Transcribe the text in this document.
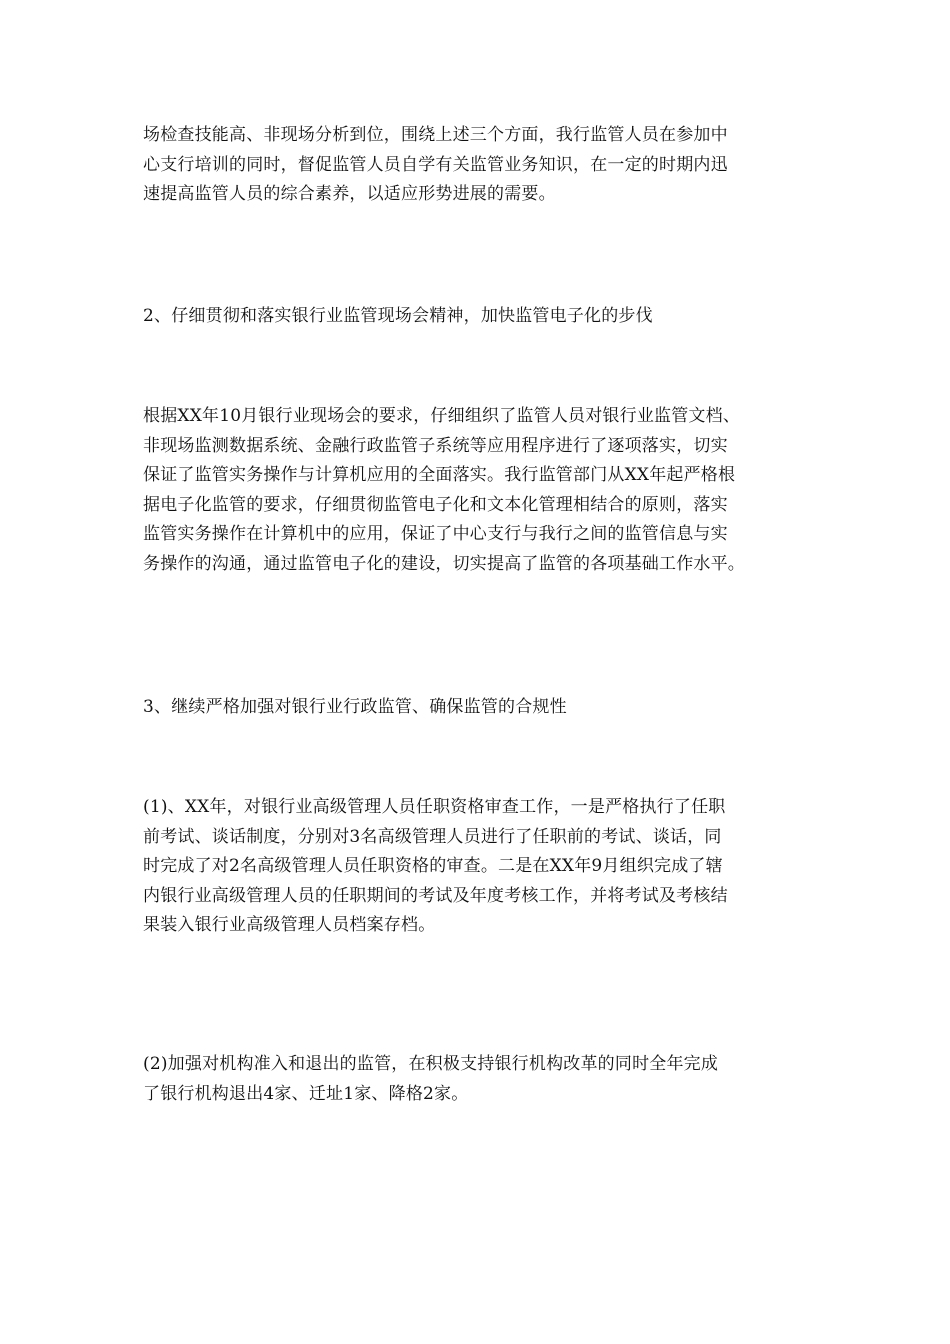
场检查技能高、非现场分析到位，围绕上述三个方面，我行监管人员在参加中
心支行培训的同时，督促监管人员自学有关监管业务知识，在一定的时期内迅
速提高监管人员的综合素养，以适应形势进展的需要。
2、仔细贯彻和落实银行业监管现场会精神，加快监管电子化的步伐
根据XX年10月银行业现场会的要求，仔细组织了监管人员对银行业监管文档、
非现场监测数据系统、金融行政监管子系统等应用程序进行了逐项落实，切实
保证了监管实务操作与计算机应用的全面落实。我行监管部门从XX年起严格根
据电子化监管的要求，仔细贯彻监管电子化和文本化管理相结合的原则，落实
监管实务操作在计算机中的应用，保证了中心支行与我行之间的监管信息与实
务操作的沟通，通过监管电子化的建设，切实提高了监管的各项基础工作水平。
3、继续严格加强对银行业行政监管、确保监管的合规性
(1)、XX年，对银行业高级管理人员任职资格审查工作，一是严格执行了任职
前考试、谈话制度，分别对3名高级管理人员进行了任职前的考试、谈话，同
时完成了对2名高级管理人员任职资格的审查。二是在XX年9月组织完成了辖
内银行业高级管理人员的任职期间的考试及年度考核工作，并将考试及考核结
果装入银行业高级管理人员档案存档。
(2)加强对机构准入和退出的监管，在积极支持银行机构改革的同时全年完成
了银行机构退出4家、迁址1家、降格2家。
